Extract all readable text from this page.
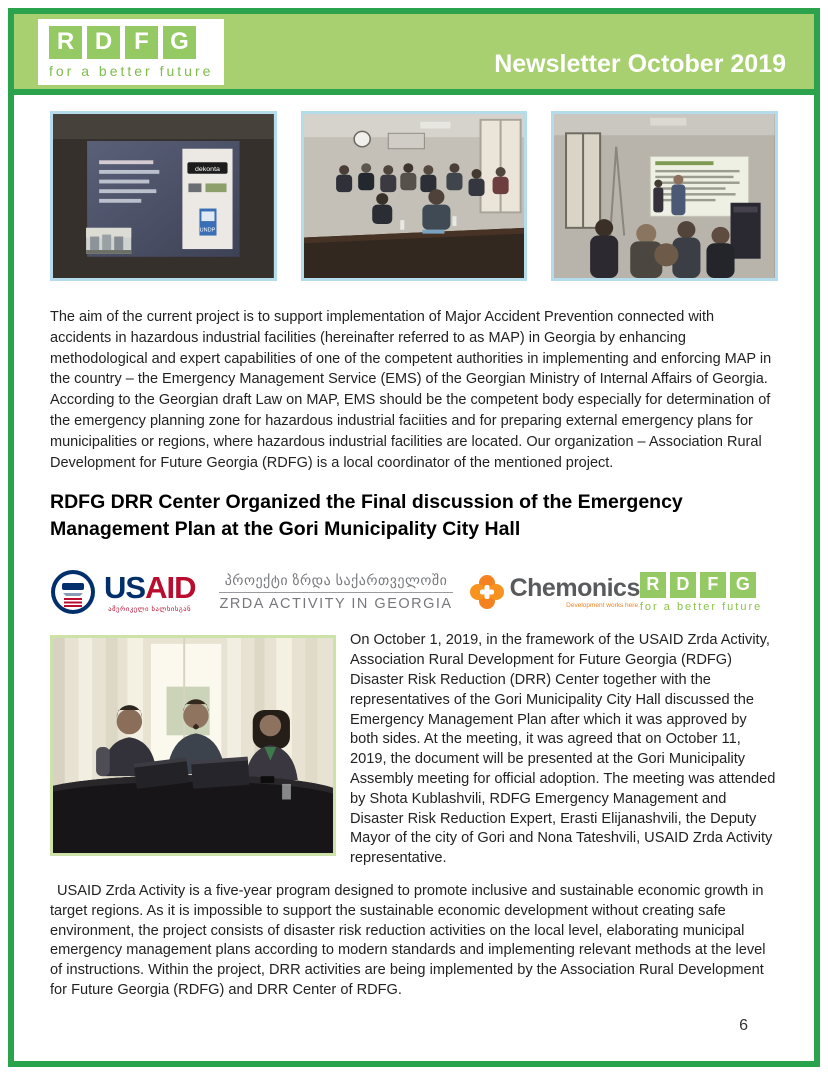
R D F G
for a better future	Newsletter October 2019
dekonta
UNDP

The aim of the current project is to support implementation of Major Accident Prevention connected with accidents in hazardous industrial facilities (hereinafter referred to as MAP) in Georgia by enhancing methodological and expert capabilities of one of the competent authorities in implementing and enforcing MAP in the country – the Emergency Management Service (EMS) of the Georgian Ministry of Internal Affairs of Georgia. According to the Georgian draft Law on MAP, EMS should be the competent body especially for determination of the emergency planning zone for hazardous industrial faciities and for preparing external emergency plans for municipalities or regions, where hazardous industrial facilities are located. Our organization – Association Rural Development for Future Georgia (RDFG) is a local coordinator of the mentioned project.

RDFG DRR Center Organized the Final discussion of the Emergency Management Plan at the Gori Municipality City Hall
USAID
ამერიკელი ხალხისგან
პროექტი ზრდა საქართველოში
ZRDA ACTIVITY IN GEORGIA
Chemonics
Development works here.
R D	F G
for a better future

On October 1, 2019, in the framework of the USAID Zrda Activity, Association Rural Development for Future Georgia (RDFG) Disaster Risk Reduction (DRR) Center together with the representatives of the Gori Municipality City Hall discussed the Emergency Management Plan after which it was approved by both sides. At the meeting, it was agreed that on October 11, 2019, the document will be presented at the Gori Municipality Assembly meeting for official adoption. The meeting was attended by Shota Kublashvili, RDFG Emergency Management and Disaster Risk Reduction Expert, Erasti Elijanashvili, the Deputy Mayor of the city of Gori and Nona Tateshvili, USAID Zrda Activity representative.

USAID Zrda Activity is a five-year program designed to promote inclusive and sustainable economic growth in target regions. As it is impossible to support the sustainable economic development without creating safe environment, the project consists of disaster risk reduction activities on the local level, elaborating municipal emergency management plans according to modern standards and implementing relevant methods at the level of instructions. Within the project, DRR activities are being implemented by the Association Rural Development for Future Georgia (RDFG) and DRR Center of RDFG.

6
